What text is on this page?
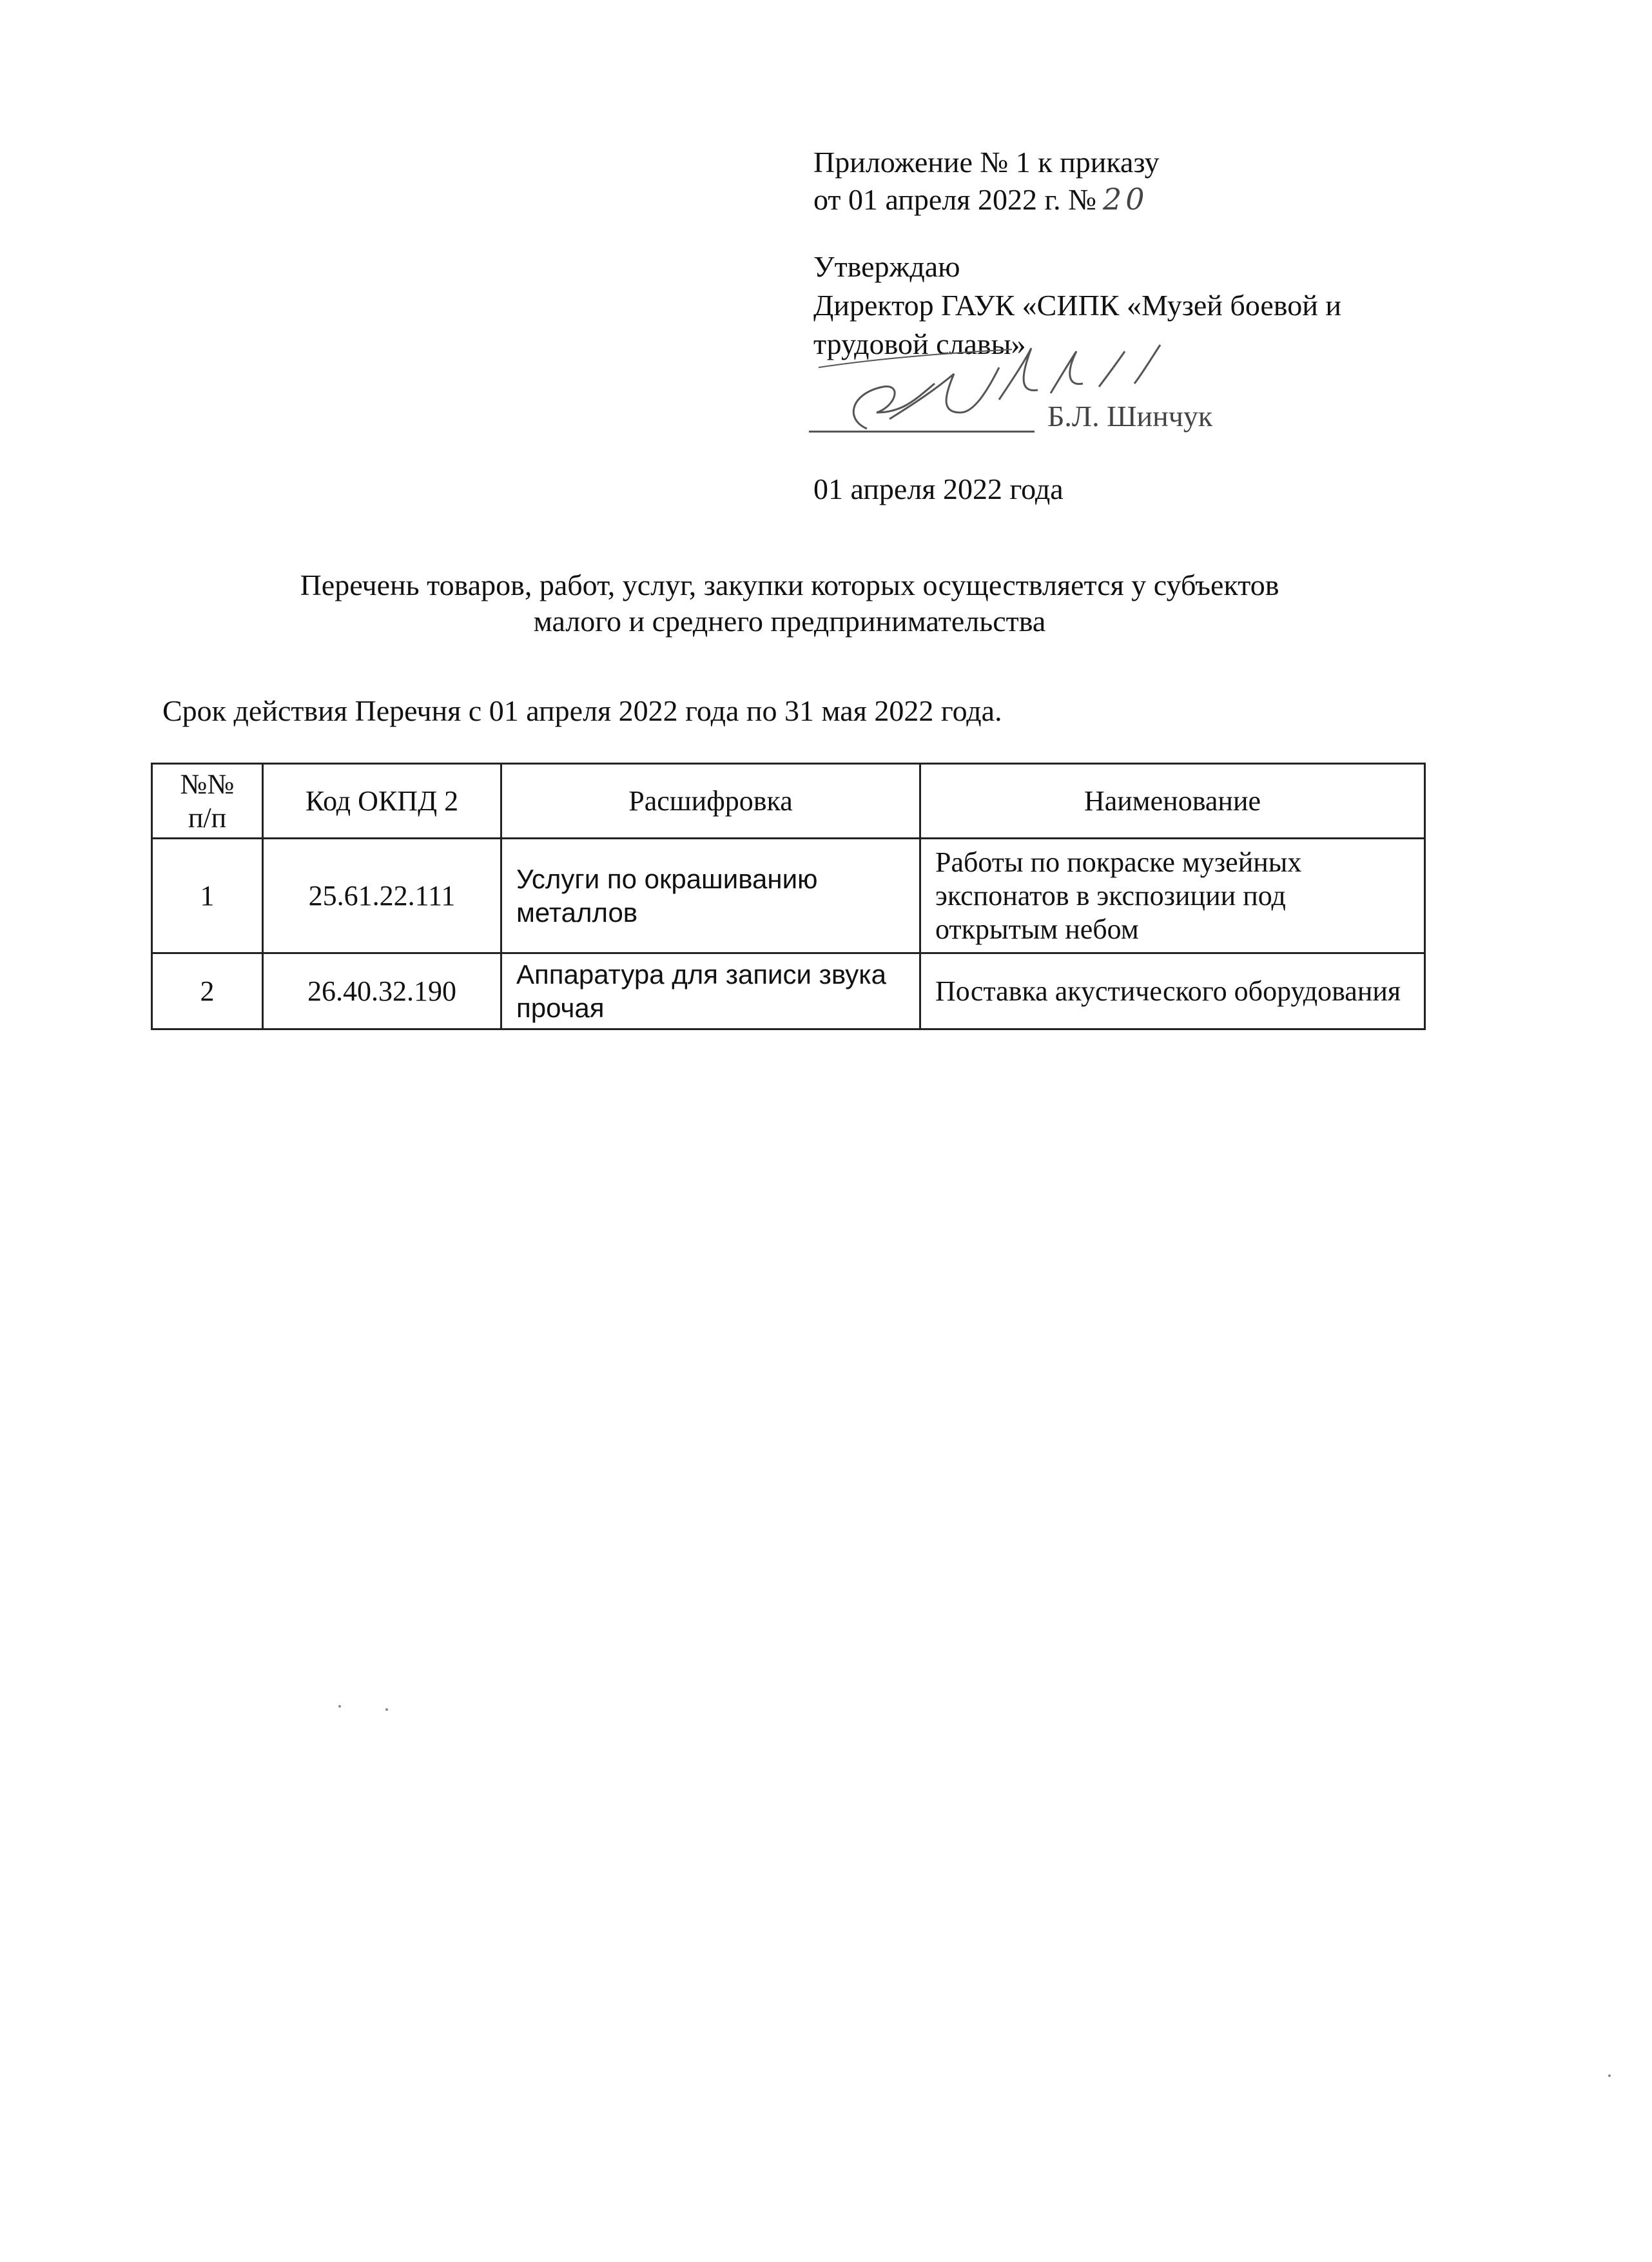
Приложение № 1 к приказу
от 01 апреля 2022 г. № 20
Утверждаю
Директор ГАУК «СИПК «Музей боевой и
трудовой славы»
Б.Л. Шинчук
01 апреля 2022 года
Перечень товаров, работ, услуг, закупки которых осуществляется у субъектов
малого и среднего предпринимательства
Срок действия Перечня с 01 апреля 2022 года по 31 мая 2022 года.
№№
п/п	Код ОКПД 2	Расшифровка	Наименование
1	25.61.22.111	Услуги по окрашиванию металлов	Работы по покраске музейных экспонатов в экспозиции под открытым небом
2	26.40.32.190	Аппаратура для записи звука прочая	Поставка акустического оборудования
